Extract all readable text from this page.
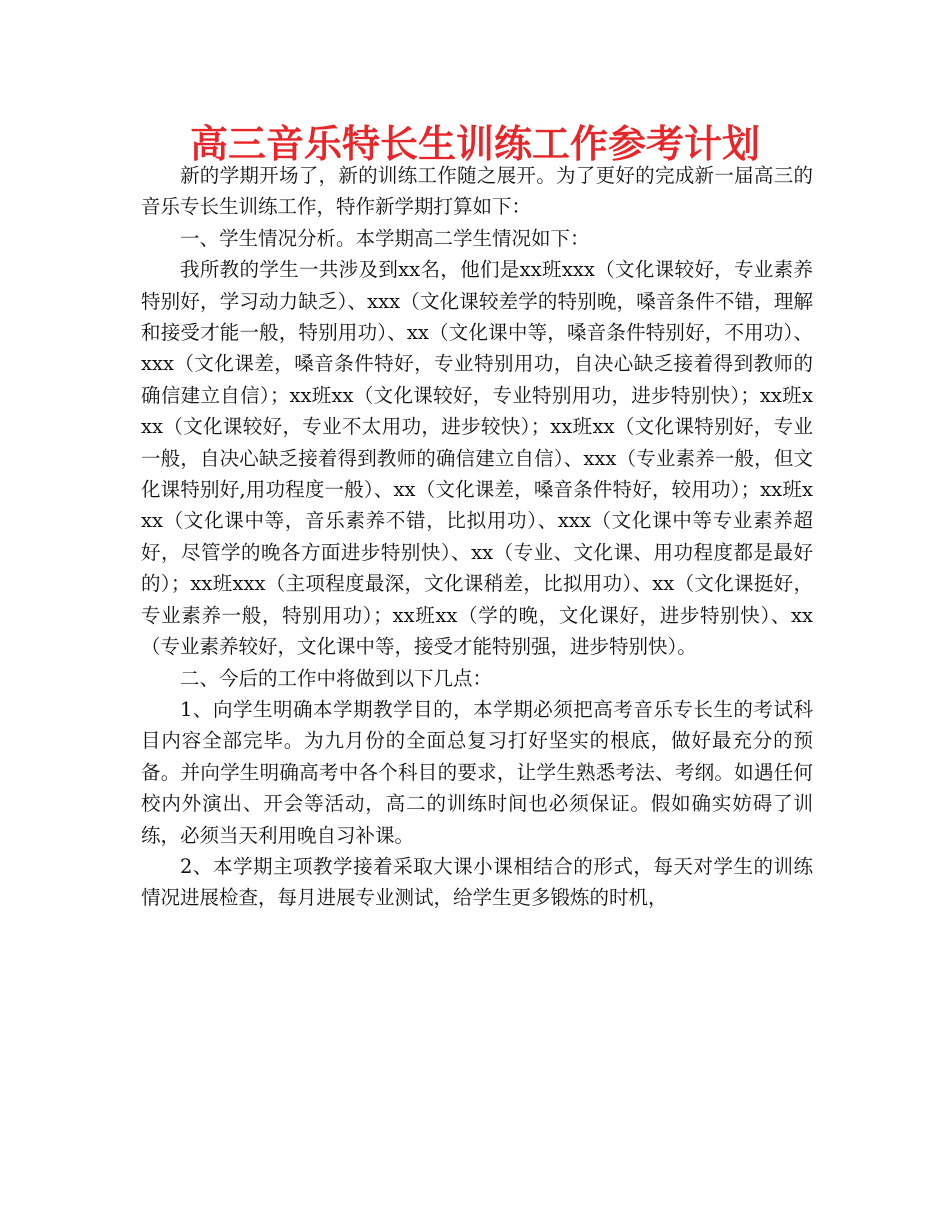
高三音乐特长生训练工作参考计划

新的学期开场了，新的训练工作随之展开。为了更好的完成新一届高三的音乐专长生训练工作，特作新学期打算如下：

一、学生情况分析。本学期高二学生情况如下：

我所教的学生一共涉及到xx名，他们是xx班xxx（文化课较好，专业素养特别好，学习动力缺乏）、xxx（文化课较差学的特别晚，嗓音条件不错，理解和接受才能一般，特别用功）、xx（文化课中等，嗓音条件特别好，不用功）、xxx（文化课差，嗓音条件特好，专业特别用功，自决心缺乏接着得到教师的确信建立自信）；xx班xx（文化课较好，专业特别用功，进步特别快）；xx班xxx（文化课较好，专业不太用功，进步较快）；xx班xx（文化课特别好，专业一般，自决心缺乏接着得到教师的确信建立自信）、xxx（专业素养一般，但文化课特别好,用功程度一般）、xx（文化课差，嗓音条件特好，较用功）；xx班xxx（文化课中等，音乐素养不错，比拟用功）、xxx（文化课中等专业素养超好，尽管学的晚各方面进步特别快）、xx（专业、文化课、用功程度都是最好的）；xx班xxx（主项程度最深，文化课稍差，比拟用功）、xx（文化课挺好，专业素养一般，特别用功）；xx班xx（学的晚，文化课好，进步特别快）、xx（专业素养较好，文化课中等，接受才能特别强，进步特别快）。

二、今后的工作中将做到以下几点：

1、向学生明确本学期教学目的，本学期必须把高考音乐专长生的考试科目内容全部完毕。为九月份的全面总复习打好坚实的根底，做好最充分的预备。并向学生明确高考中各个科目的要求，让学生熟悉考法、考纲。如遇任何校内外演出、开会等活动，高二的训练时间也必须保证。假如确实妨碍了训练，必须当天利用晚自习补课。

2、本学期主项教学接着采取大课小课相结合的形式，每天对学生的训练情况进展检查，每月进展专业测试，给学生更多锻炼的时机，
